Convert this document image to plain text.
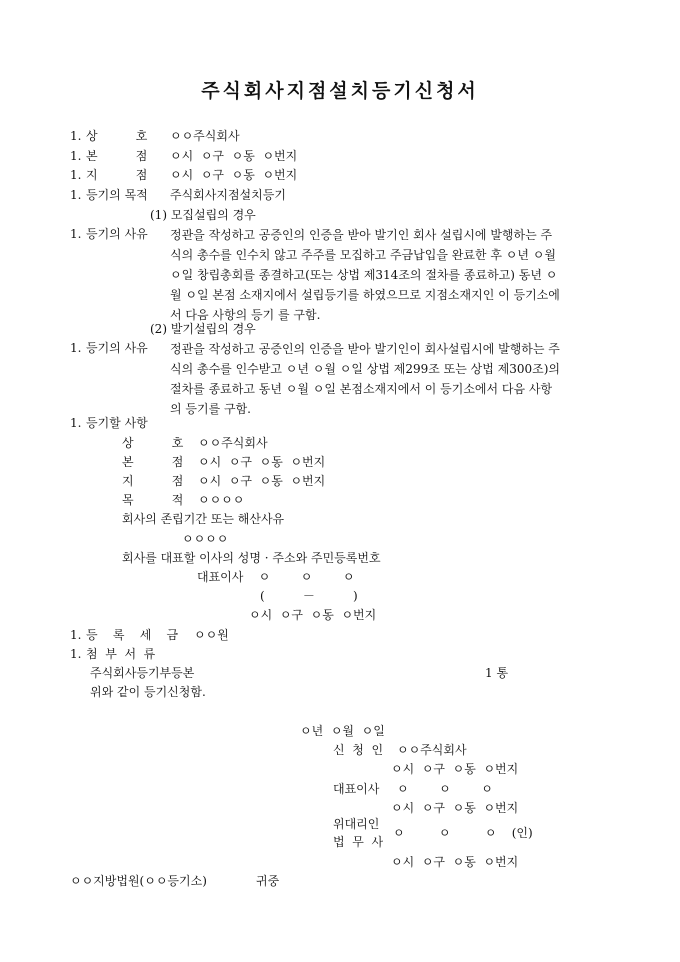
주식회사지점설치등기신청서
1. 상          호 ㅇㅇ주식회사
1. 본          점 ㅇ시  ㅇ구  ㅇ동  ㅇ번지
1. 지          점 ㅇ시  ㅇ구  ㅇ동  ㅇ번지
1. 등기의 목적 주식회사지점설치등기
(1) 모집설립의 경우
1. 등기의 사유 정관을 작성하고 공증인의 인증을 받아 발기인 회사 설립시에 발행하는 주
식의 총수를 인수치 않고 주주를 모집하고 주금납입을 완료한 후 ㅇ년 ㅇ월
ㅇ일 창립총회를 종결하고(또는 상법 제314조의 절차를 종료하고) 동년 ㅇ
월 ㅇ일 본점 소재지에서 설립등기를 하였으므로 지점소재지인 이 등기소에
서 다음 사항의 등기 를 구함.
(2) 발기설립의 경우
1. 등기의 사유 정관을 작성하고 공증인의 인증을 받아 발기인이 회사설립시에 발행하는 주
식의 총수를 인수받고 ㅇ년 ㅇ월 ㅇ일 상법 제299조 또는 상법 제300조)의
절차를 종료하고 동년 ㅇ월 ㅇ일 본점소재지에서 이 등기소에서 다음 사항
의 등기를 구함.
1. 등기할 사항
상          호 ㅇㅇ주식회사
본          점 ㅇ시  ㅇ구  ㅇ동  ㅇ번지
지          점 ㅇ시  ㅇ구  ㅇ동  ㅇ번지
목          적 ㅇㅇㅇㅇ
회사의 존립기간 또는 해산사유
ㅇㅇㅇㅇ
회사를 대표할 이사의 성명 · 주소와 주민등록번호
대표이사    ㅇ        ㅇ        ㅇ
(          －          )
ㅇ시  ㅇ구  ㅇ동  ㅇ번지
1. 등    록    세    금 ㅇㅇ원
1. 첨  부  서  류
주식회사등기부등본	1 통
위와 같이 등기신청함.
ㅇ년  ㅇ월  ㅇ일
신  청  인 ㅇㅇ주식회사
ㅇ시  ㅇ구  ㅇ동  ㅇ번지
대표이사 ㅇ        ㅇ        ㅇ
ㅇ시  ㅇ구  ㅇ동  ㅇ번지
위대리인
법  무  사
ㅇ         ㅇ         ㅇ    (인)
ㅇ시  ㅇ구  ㅇ동  ㅇ번지
ㅇㅇ지방법원(ㅇㅇ등기소)	귀중
